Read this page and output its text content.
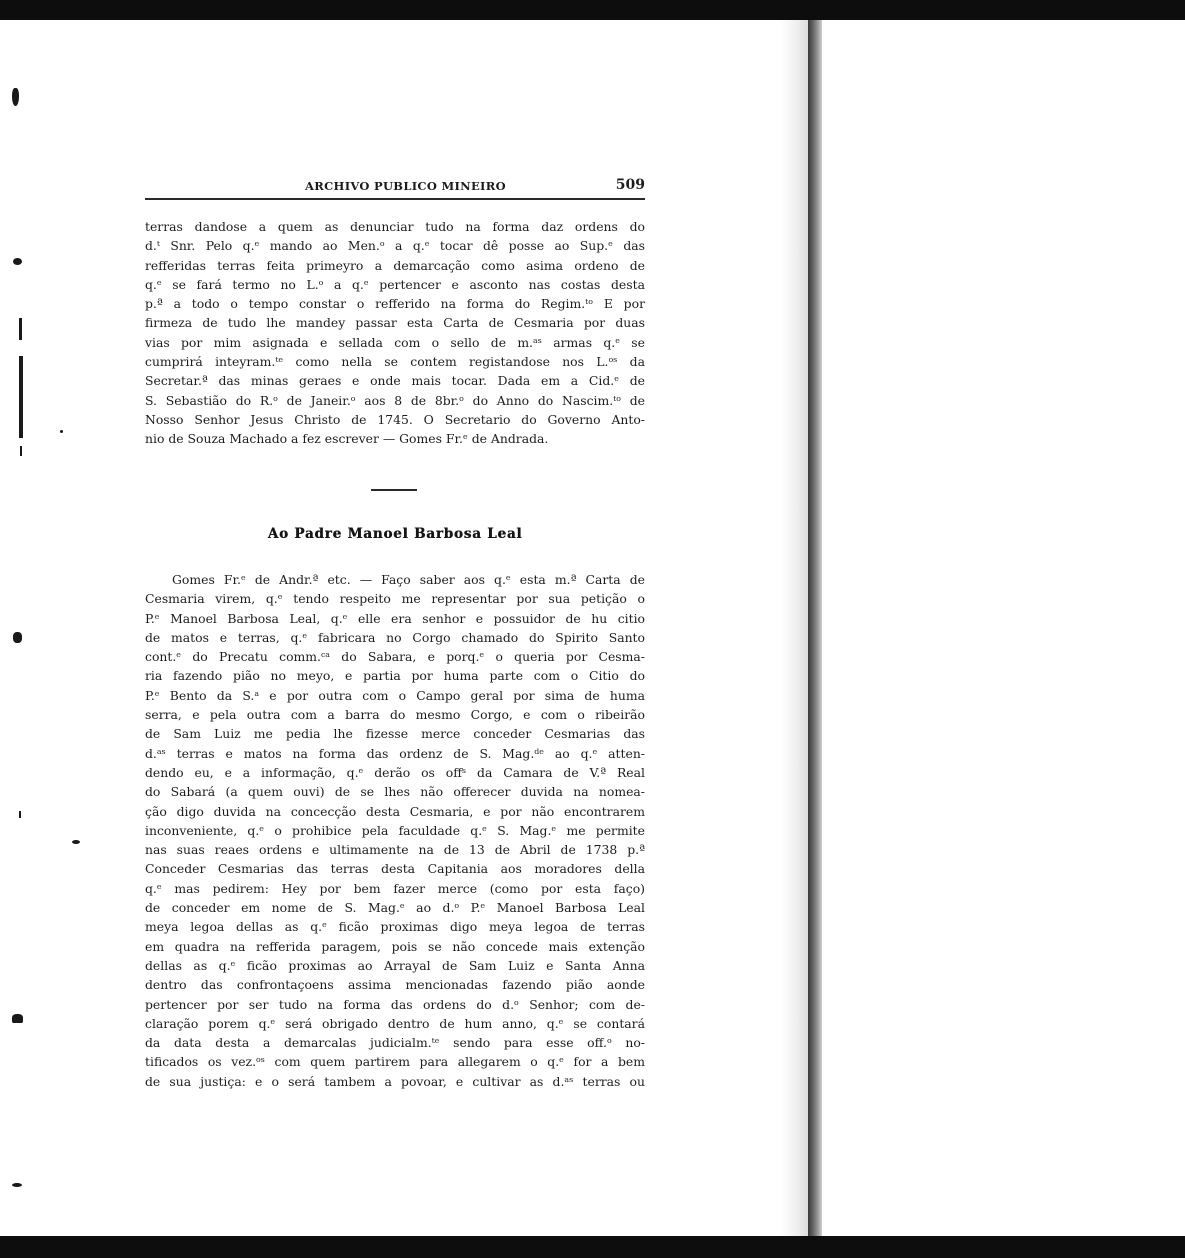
ARCHIVO PUBLICO MINEIRO	509
terras dandose a quem as denunciar tudo na forma daz ordens do
d.ᵗ Snr. Pelo q.ᵉ mando ao Men.ᵒ a q.ᵉ tocar dê posse ao Sup.ᵉ das
refferidas terras feita primeyro a demarcação como asima ordeno de
q.ᵉ se fará termo no L.ᵒ a q.ᵉ pertencer e asconto nas costas desta
p.ª a todo o tempo constar o refferido na forma do Regim.ᵗᵒ E por
firmeza de tudo lhe mandey passar esta Carta de Cesmaria por duas
vias por mim asignada e sellada com o sello de m.ᵃˢ armas q.ᵉ se
cumprirá inteyram.ᵗᵉ como nella se contem registandose nos L.ᵒˢ da
Secretar.ª das minas geraes e onde mais tocar. Dada em a Cid.ᵉ de
S. Sebastião do R.ᵒ de Janeir.ᵒ aos 8 de 8br.ᵒ do Anno do Nascim.ᵗᵒ de
Nosso Senhor Jesus Christo de 1745. O Secretario do Governo Anto-
nio de Souza Machado a fez escrever — Gomes Fr.ᵉ de Andrada.
Ao Padre Manoel Barbosa Leal
Gomes Fr.ᵉ de Andr.ª etc. — Faço saber aos q.ᵉ esta m.ª Carta de
Cesmaria virem, q.ᵉ tendo respeito me representar por sua petição o
P.ᵉ Manoel Barbosa Leal, q.ᵉ elle era senhor e possuidor de hu citio
de matos e terras, q.ᵉ fabricara no Corgo chamado do Spirito Santo
cont.ᵉ do Precatu comm.ᶜᵃ do Sabara, e porq.ᵉ o queria por Cesma-
ria fazendo pião no meyo, e partia por huma parte com o Citio do
P.ᵉ Bento da S.ᵃ e por outra com o Campo geral por sima de huma
serra, e pela outra com a barra do mesmo Corgo, e com o ribeirão
de Sam Luiz me pedia lhe fizesse merce conceder Cesmarias das
d.ᵃˢ terras e matos na forma das ordenz de S. Mag.ᵈᵉ ao q.ᵉ atten-
dendo eu, e a informação, q.ᵉ derão os offˢ da Camara de V.ª Real
do Sabará (a quem ouvi) de se lhes não offerecer duvida na nomea-
ção digo duvida na concecção desta Cesmaria, e por não encontrarem
inconveniente, q.ᵉ o prohibice pela faculdade q.ᵉ S. Mag.ᵉ me permite
nas suas reaes ordens e ultimamente na de 13 de Abril de 1738 p.ª
Conceder Cesmarias das terras desta Capitania aos moradores della
q.ᵉ mas pedirem: Hey por bem fazer merce (como por esta faço)
de conceder em nome de S. Mag.ᵉ ao d.ᵒ P.ᵉ Manoel Barbosa Leal
meya legoa dellas as q.ᵉ ficão proximas digo meya legoa de terras
em quadra na refferida paragem, pois se não concede mais extenção
dellas as q.ᵉ ficão proximas ao Arrayal de Sam Luiz e Santa Anna
dentro das confrontaçoens assima mencionadas fazendo pião aonde
pertencer por ser tudo na forma das ordens do d.ᵒ Senhor; com de-
claração porem q.ᵉ será obrigado dentro de hum anno, q.ᵉ se contará
da data desta a demarcalas judicialm.ᵗᵉ sendo para esse off.ᵒ no-
tificados os vez.ᵒˢ com quem partirem para allegarem o q.ᵉ for a bem
de sua justiça: e o será tambem a povoar, e cultivar as d.ᵃˢ terras ou
